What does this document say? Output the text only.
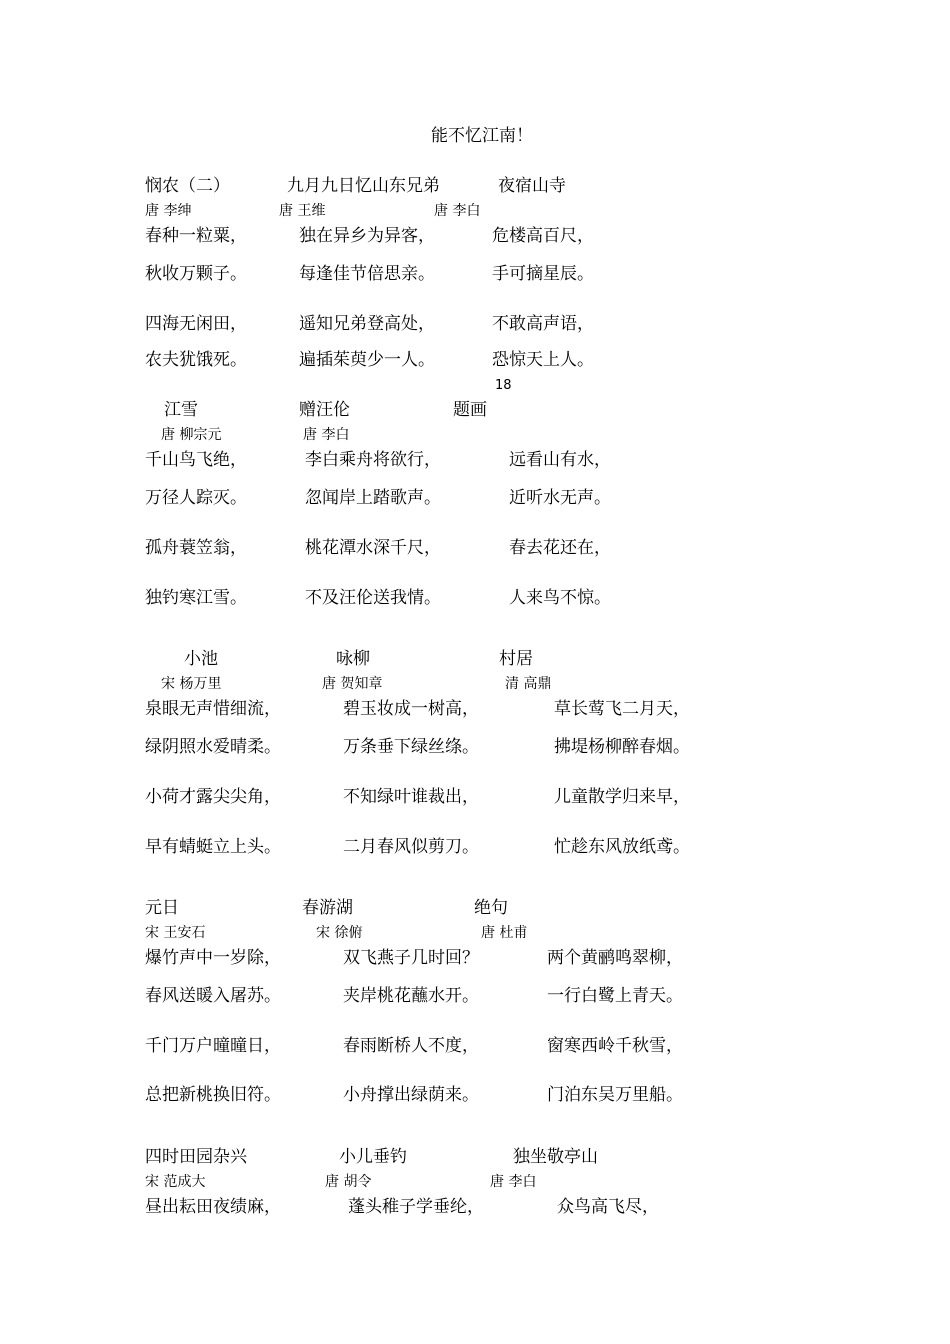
能不忆江南！
悯农（二）	九月九日忆山东兄弟	夜宿山寺
唐 李绅	唐 王维	唐 李白
春种一粒粟，	独在异乡为异客，	危楼高百尺，
秋收万颗子。	每逢佳节倍思亲。	手可摘星辰。
四海无闲田，	遥知兄弟登高处，	不敢高声语，
农夫犹饿死。	遍插茱萸少一人。	恐惊天上人。
18
江雪	赠汪伦	题画
唐 柳宗元	唐 李白
千山鸟飞绝，	李白乘舟将欲行，	远看山有水，
万径人踪灭。	忽闻岸上踏歌声。	近听水无声。
孤舟蓑笠翁，	桃花潭水深千尺，	春去花还在，
独钓寒江雪。	不及汪伦送我情。	人来鸟不惊。
小池	咏柳	村居
宋 杨万里	唐 贺知章	清 高鼎
泉眼无声惜细流，	碧玉妆成一树高，	草长莺飞二月天，
绿阴照水爱晴柔。	万条垂下绿丝绦。	拂堤杨柳醉春烟。
小荷才露尖尖角，	不知绿叶谁裁出，	儿童散学归来早，
早有蜻蜓立上头。	二月春风似剪刀。	忙趁东风放纸鸢。
元日	春游湖	绝句
宋 王安石	宋 徐俯	唐 杜甫
爆竹声中一岁除，	双飞燕子几时回？	两个黄鹂鸣翠柳，
春风送暖入屠苏。	夹岸桃花蘸水开。	一行白鹭上青天。
千门万户曈曈日，	春雨断桥人不度，	窗寒西岭千秋雪，
总把新桃换旧符。	小舟撑出绿荫来。	门泊东吴万里船。
四时田园杂兴	小儿垂钓	独坐敬亭山
宋 范成大	唐 胡令	唐 李白
昼出耘田夜绩麻，	蓬头稚子学垂纶，	众鸟高飞尽，
